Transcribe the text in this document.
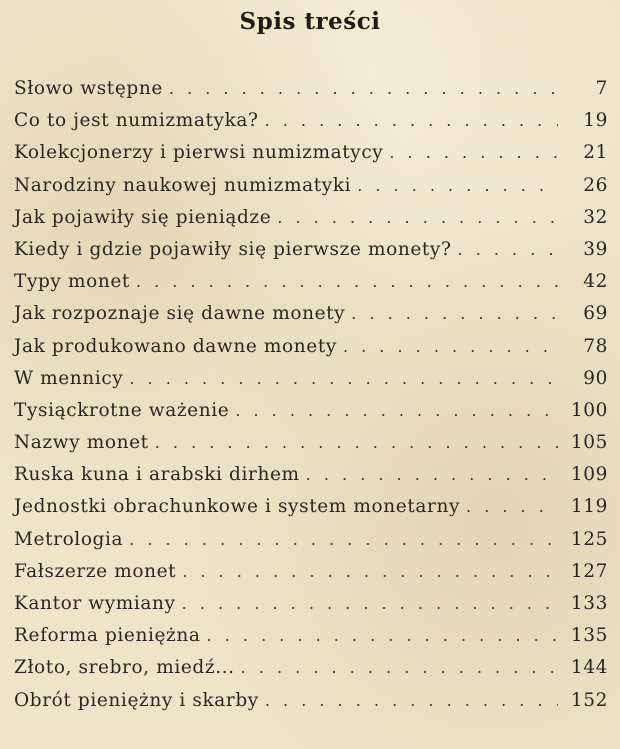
Spis treści
Słowo wstępne . . .	7
Co to jest numizmatyka? . . .	19
Kolekcjonerzy i pierwsi numizmatycy . . .	21
Narodziny naukowej numizmatyki . . .	26
Jak pojawiły się pieniądze . . .	32
Kiedy i gdzie pojawiły się pierwsze monety? . . .	39
Typy monet . . .	42
Jak rozpoznaje się dawne monety . . .	69
Jak produkowano dawne monety . . .	78
W mennicy . . .	90
Tysiąckrotne ważenie . . .	100
Nazwy monet . . .	105
Ruska kuna i arabski dirhem . . .	109
Jednostki obrachunkowe i system monetarny . . .	119
Metrologia . . .	125
Fałszerze monet . . .	127
Kantor wymiany . . .	133
Reforma pieniężna . . .	135
Złoto, srebro, miedź... . . .	144
Obrót pieniężny i skarby . . .	152
